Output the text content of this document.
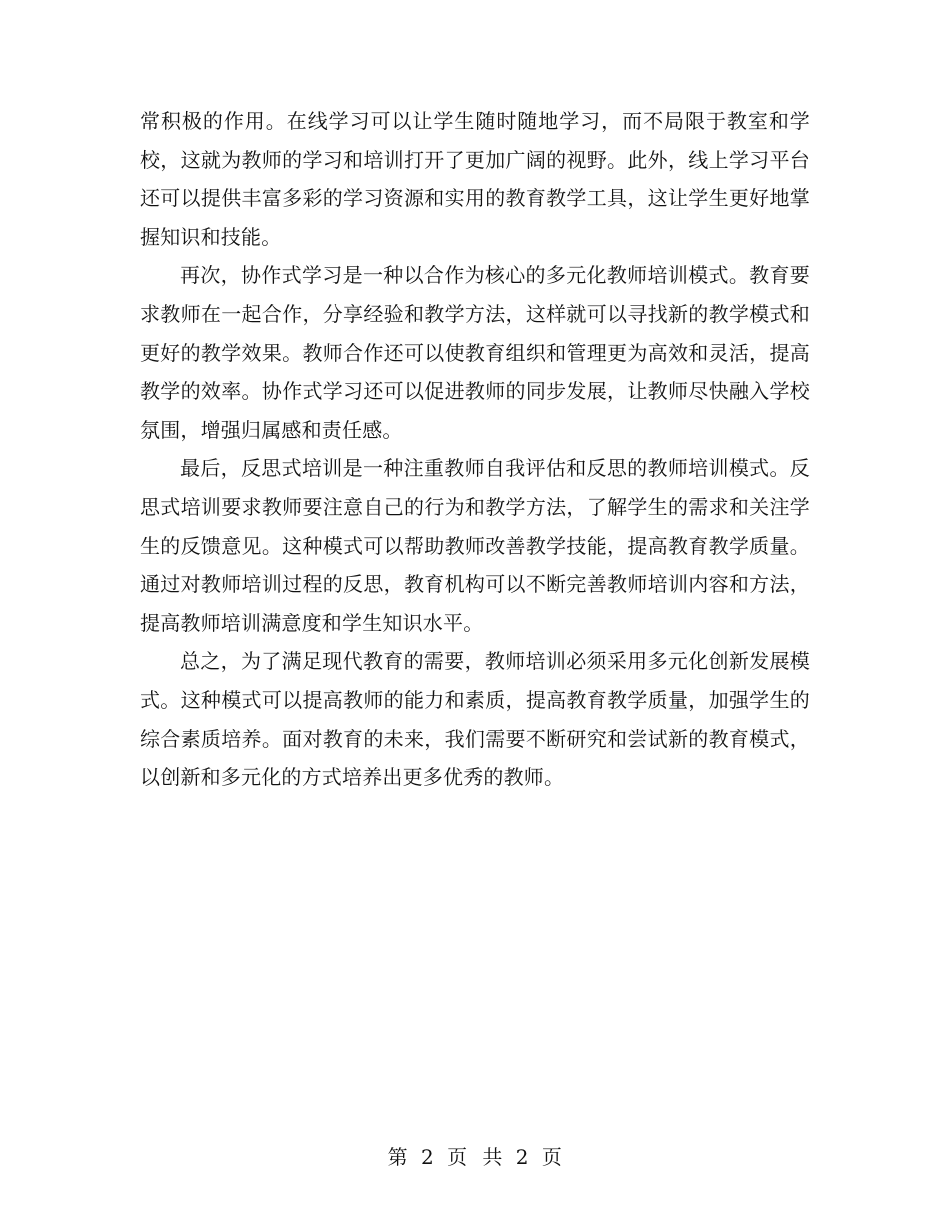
常积极的作用。在线学习可以让学生随时随地学习，而不局限于教室和学校，这就为教师的学习和培训打开了更加广阔的视野。此外，线上学习平台还可以提供丰富多彩的学习资源和实用的教育教学工具，这让学生更好地掌握知识和技能。

再次，协作式学习是一种以合作为核心的多元化教师培训模式。教育要求教师在一起合作，分享经验和教学方法，这样就可以寻找新的教学模式和更好的教学效果。教师合作还可以使教育组织和管理更为高效和灵活，提高教学的效率。协作式学习还可以促进教师的同步发展，让教师尽快融入学校氛围，增强归属感和责任感。

最后，反思式培训是一种注重教师自我评估和反思的教师培训模式。反思式培训要求教师要注意自己的行为和教学方法，了解学生的需求和关注学生的反馈意见。这种模式可以帮助教师改善教学技能，提高教育教学质量。通过对教师培训过程的反思，教育机构可以不断完善教师培训内容和方法，提高教师培训满意度和学生知识水平。

总之，为了满足现代教育的需要，教师培训必须采用多元化创新发展模式。这种模式可以提高教师的能力和素质，提高教育教学质量，加强学生的综合素质培养。面对教育的未来，我们需要不断研究和尝试新的教育模式，以创新和多元化的方式培养出更多优秀的教师。

第 2 页 共 2 页
